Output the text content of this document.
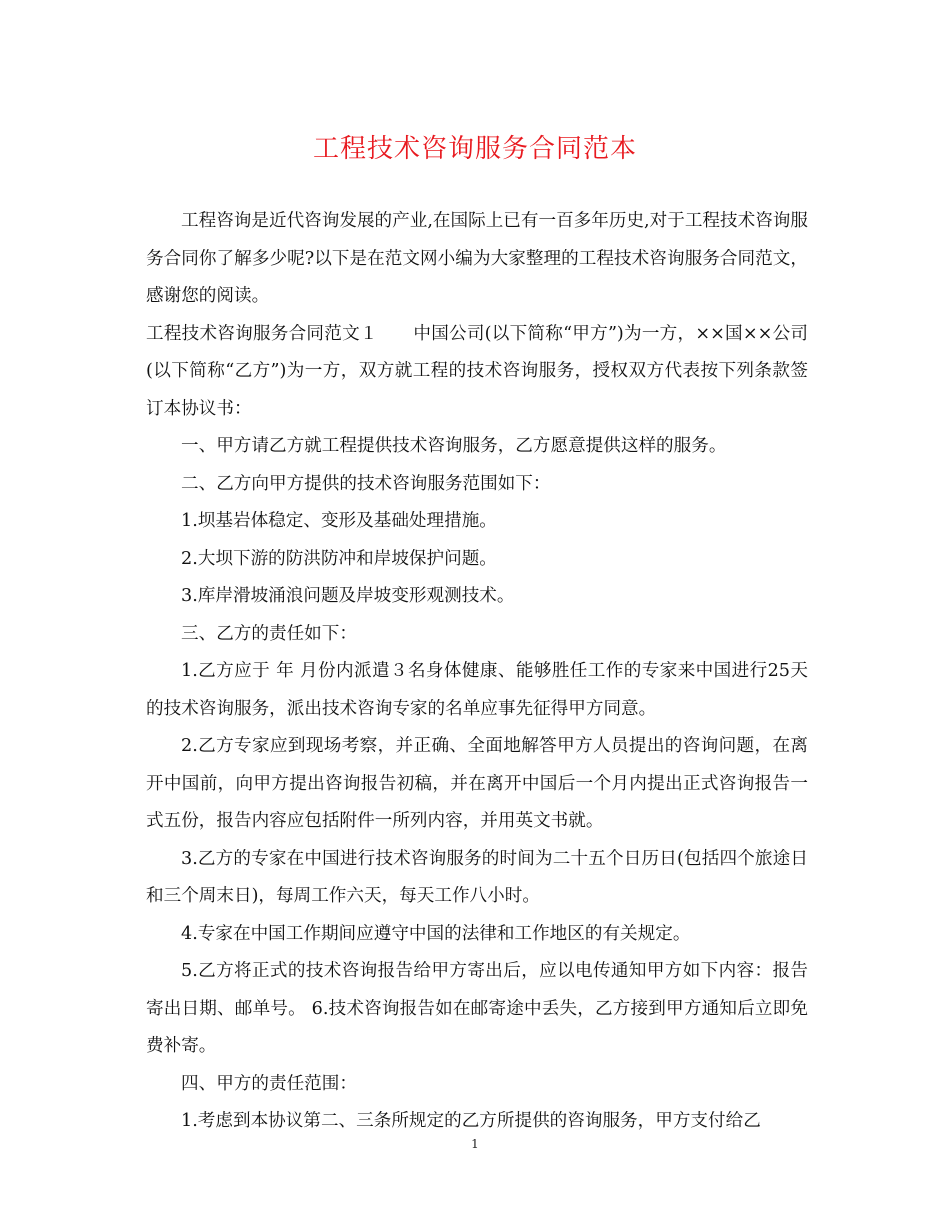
工程技术咨询服务合同范本

工程咨询是近代咨询发展的产业,在国际上已有一百多年历史,对于工程技术咨询服务合同你了解多少呢?以下是在范文网小编为大家整理的工程技术咨询服务合同范文，感谢您的阅读。

工程技术咨询服务合同范文１　　中国公司(以下简称“甲方”)为一方，××国××公司(以下简称“乙方”)为一方，双方就工程的技术咨询服务，授权双方代表按下列条款签订本协议书：

一、甲方请乙方就工程提供技术咨询服务，乙方愿意提供这样的服务。

二、乙方向甲方提供的技术咨询服务范围如下：

1.坝基岩体稳定、变形及基础处理措施。

2.大坝下游的防洪防冲和岸坡保护问题。

3.库岸滑坡涌浪问题及岸坡变形观测技术。

三、乙方的责任如下：

1.乙方应于 年 月份内派遣３名身体健康、能够胜任工作的专家来中国进行25天的技术咨询服务，派出技术咨询专家的名单应事先征得甲方同意。

2.乙方专家应到现场考察，并正确、全面地解答甲方人员提出的咨询问题，在离开中国前，向甲方提出咨询报告初稿，并在离开中国后一个月内提出正式咨询报告一式五份，报告内容应包括附件一所列内容，并用英文书就。

3.乙方的专家在中国进行技术咨询服务的时间为二十五个日历日(包括四个旅途日和三个周末日)，每周工作六天，每天工作八小时。

4.专家在中国工作期间应遵守中国的法律和工作地区的有关规定。

5.乙方将正式的技术咨询报告给甲方寄出后，应以电传通知甲方如下内容：报告寄出日期、邮单号。 6.技术咨询报告如在邮寄途中丢失，乙方接到甲方通知后立即免费补寄。

四、甲方的责任范围：

1.考虑到本协议第二、三条所规定的乙方所提供的咨询服务，甲方支付给乙

1
